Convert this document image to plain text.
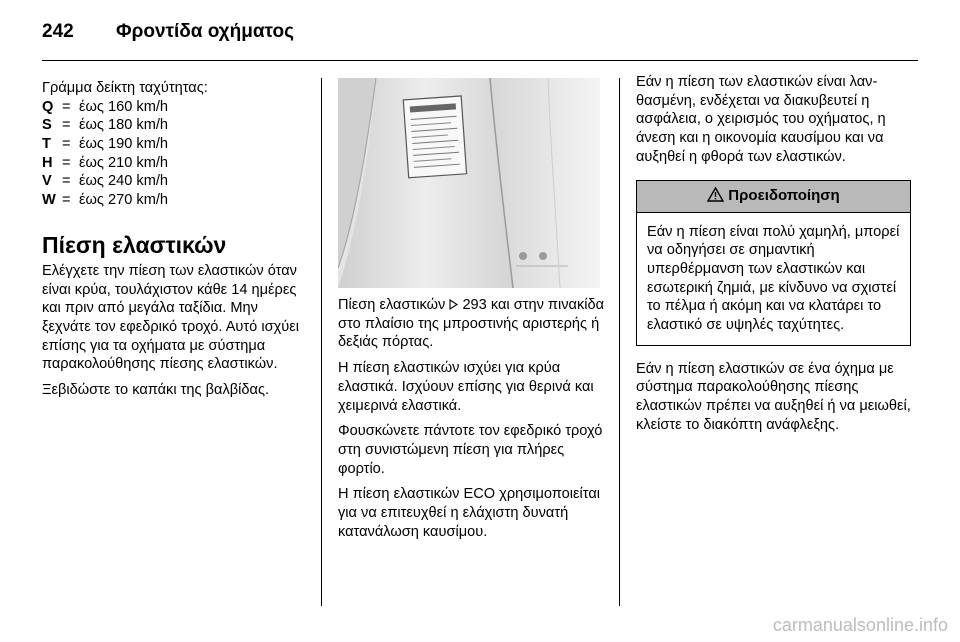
242	Φροντίδα οχήματος
Γράμμα δείκτη ταχύτητας:
Q = έως 160 km/h
S = έως 180 km/h
T = έως 190 km/h
H = έως 210 km/h
V = έως 240 km/h
W = έως 270 km/h
Πίεση ελαστικών

Ελέγχετε την πίεση των ελαστικών όταν είναι κρύα, τουλάχιστον κάθε 14 ημέρες και πριν από μεγάλα ταξίδια. Μην ξεχνάτε τον εφεδρικό τροχό. Αυτό ισχύει επίσης για τα οχήματα με σύστημα παρακολούθησης πίεσης ελαστικών.

Ξεβιδώστε το καπάκι της βαλβίδας.

Πίεση ελαστικών 293 και στην πινακίδα στο πλαίσιο της μπροστινής αριστερής ή δεξιάς πόρτας.

Η πίεση ελαστικών ισχύει για κρύα ελαστικά. Ισχύουν επίσης για θερινά και χειμερινά ελαστικά.

Φουσκώνετε πάντοτε τον εφεδρικό τροχό στη συνιστώμενη πίεση για πλήρες φορτίο.

Η πίεση ελαστικών ECO χρησιμοποιείται για να επιτευχθεί η ελάχιστη δυνατή κατανάλωση καυσίμου.

Εάν η πίεση των ελαστικών είναι λανθασμένη, ενδέχεται να διακυβευτεί η ασφάλεια, ο χειρισμός του οχήματος, η άνεση και η οικονομία καυσίμου και να αυξηθεί η φθορά των ελαστικών.

Προειδοποίηση
Εάν η πίεση είναι πολύ χαμηλή, μπορεί να οδηγήσει σε σημαντική υπερθέρμανση των ελαστικών και εσωτερική ζημιά, με κίνδυνο να σχιστεί το πέλμα ή ακόμη και να κλατάρει το ελαστικό σε υψηλές ταχύτητες.

Εάν η πίεση ελαστικών σε ένα όχημα με σύστημα παρακολούθησης πίεσης ελαστικών πρέπει να αυξηθεί ή να μειωθεί, κλείστε το διακόπτη ανάφλεξης.

carmanualsonline.info
